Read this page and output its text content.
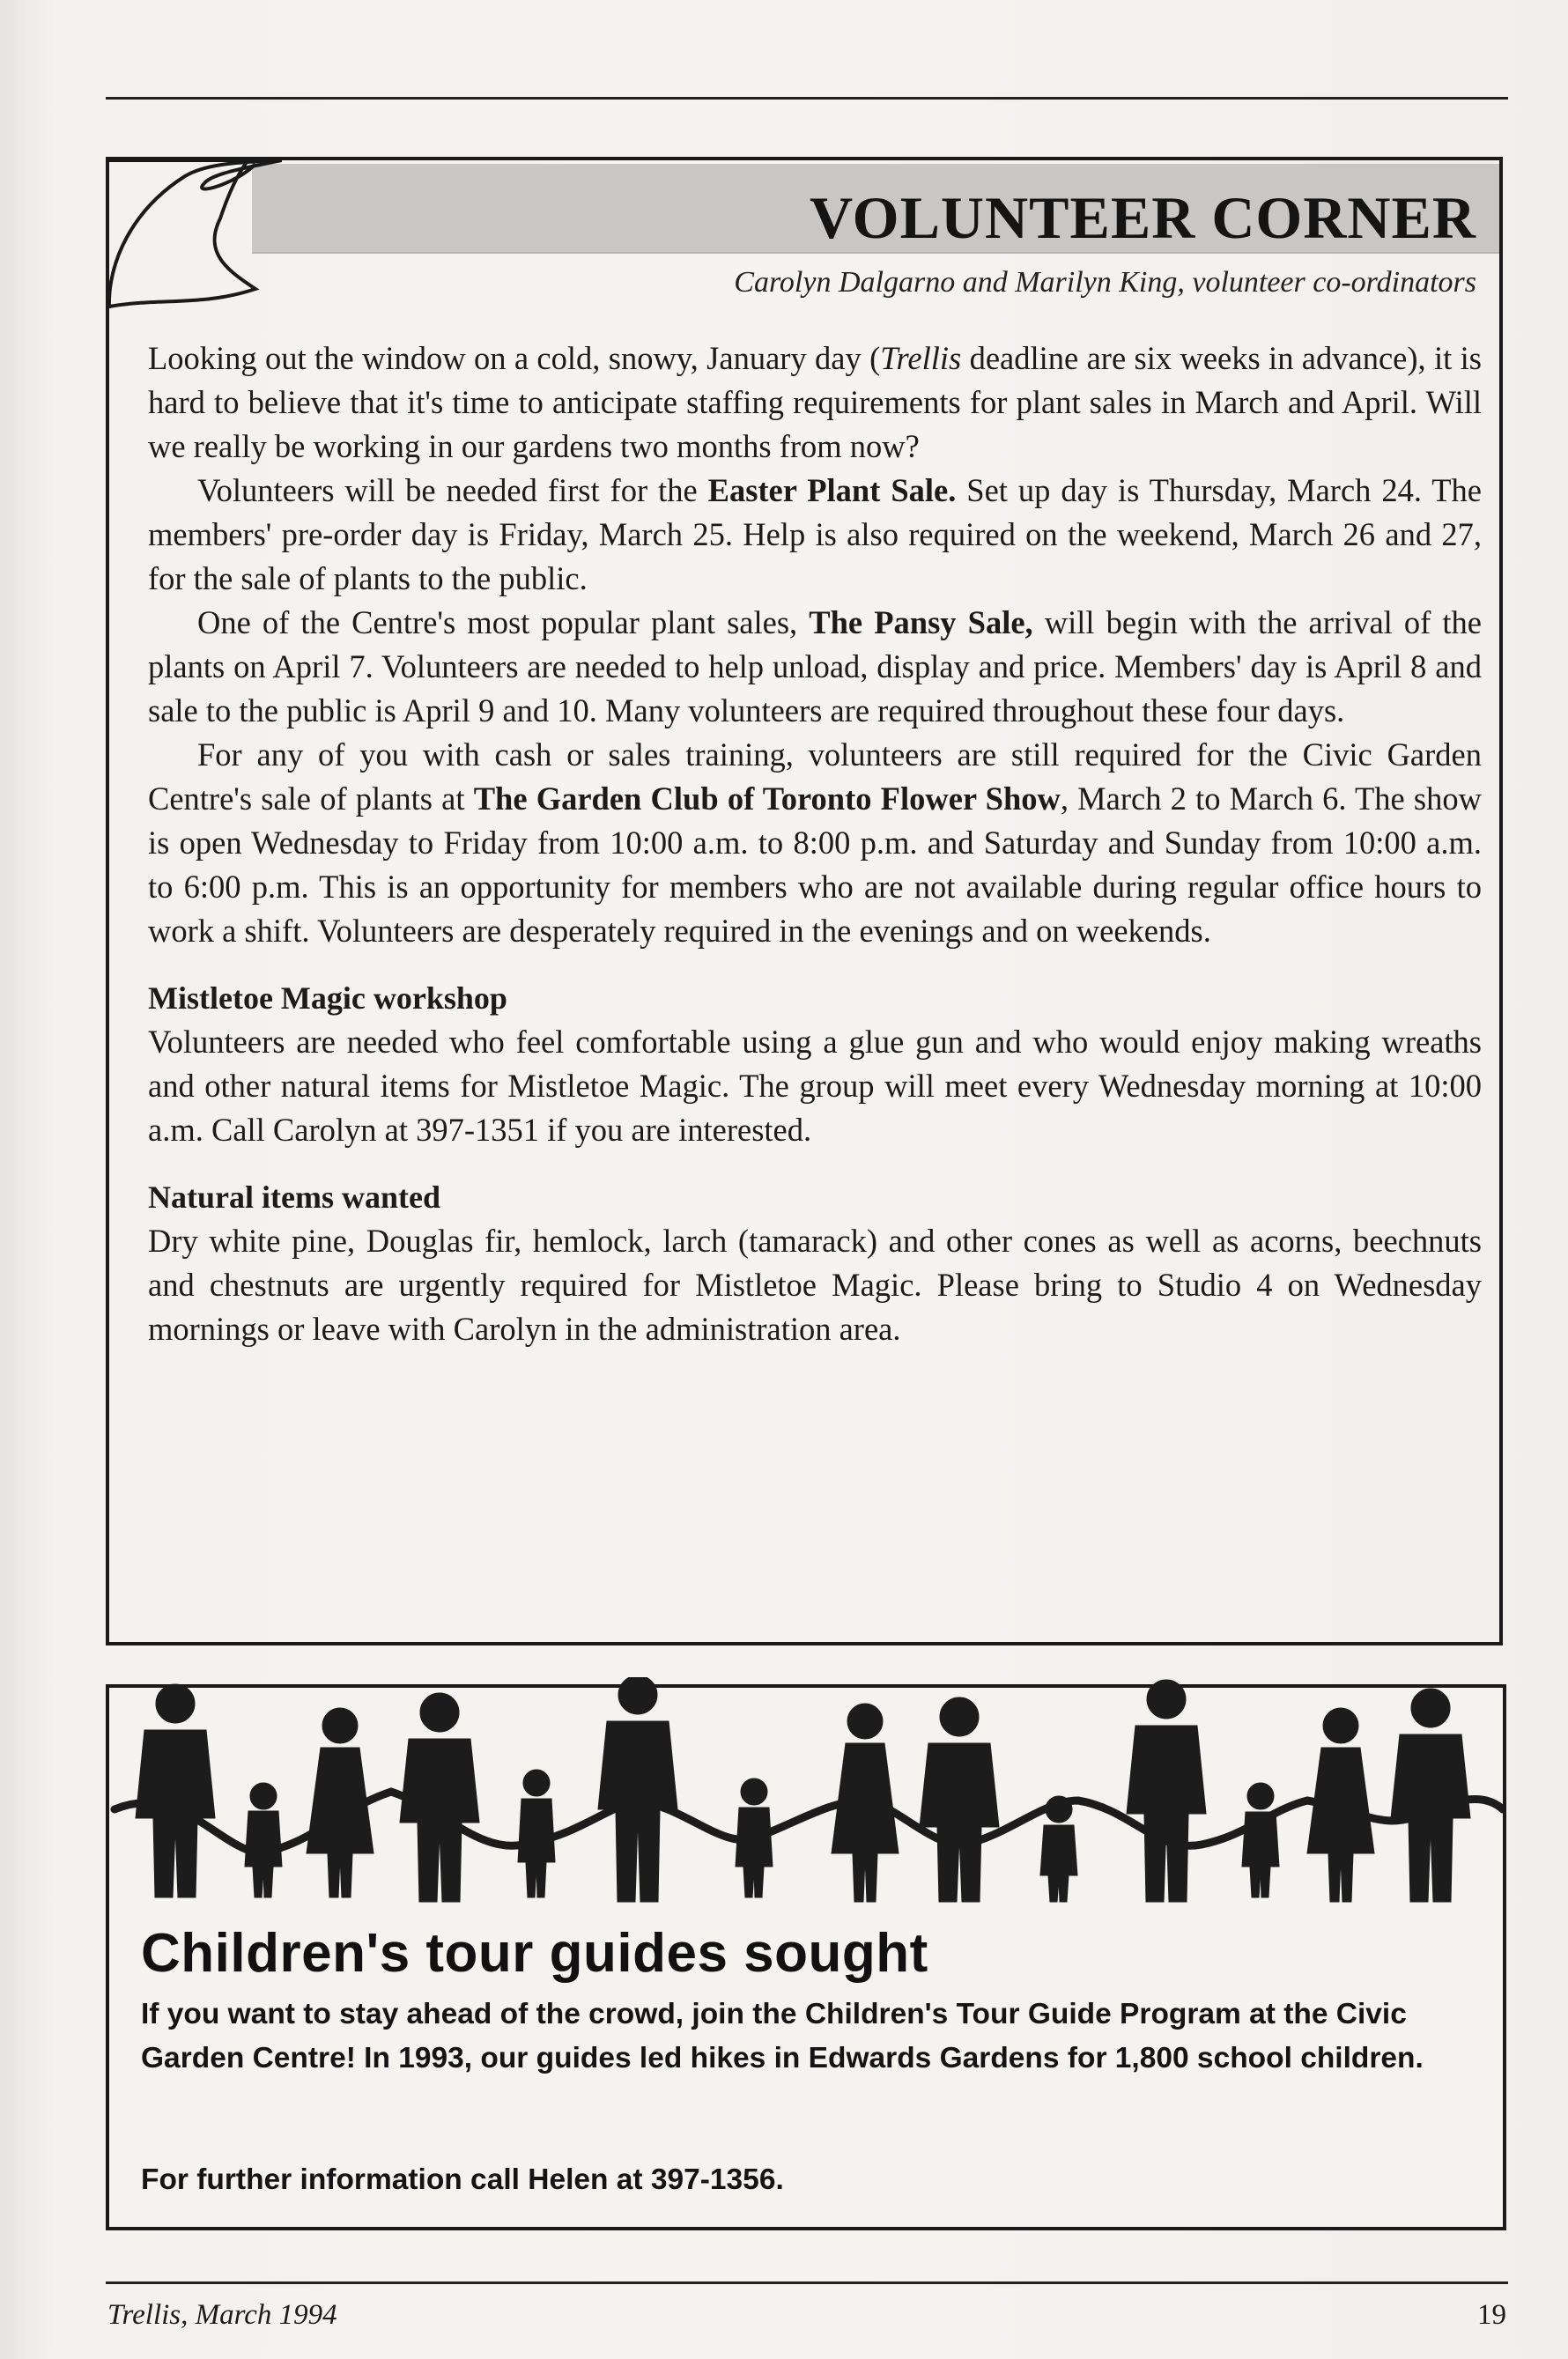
VOLUNTEER CORNER
Carolyn Dalgarno and Marilyn King, volunteer co-ordinators

Looking out the window on a cold, snowy, January day (Trellis deadline are six weeks in advance), it is hard to believe that it's time to anticipate staffing requirements for plant sales in March and April. Will we really be working in our gardens two months from now?

Volunteers will be needed first for the Easter Plant Sale. Set up day is Thursday, March 24. The members' pre-order day is Friday, March 25. Help is also required on the weekend, March 26 and 27, for the sale of plants to the public.

One of the Centre's most popular plant sales, The Pansy Sale, will begin with the arrival of the plants on April 7. Volunteers are needed to help unload, display and price. Members' day is April 8 and sale to the public is April 9 and 10. Many volunteers are required throughout these four days.

For any of you with cash or sales training, volunteers are still required for the Civic Garden Centre's sale of plants at The Garden Club of Toronto Flower Show, March 2 to March 6. The show is open Wednesday to Friday from 10:00 a.m. to 8:00 p.m. and Saturday and Sunday from 10:00 a.m. to 6:00 p.m. This is an opportunity for members who are not available during regular office hours to work a shift. Volunteers are desperately required in the evenings and on weekends.

Mistletoe Magic workshop

Volunteers are needed who feel comfortable using a glue gun and who would enjoy making wreaths and other natural items for Mistletoe Magic. The group will meet every Wednesday morning at 10:00 a.m. Call Carolyn at 397-1351 if you are interested.

Natural items wanted

Dry white pine, Douglas fir, hemlock, larch (tamarack) and other cones as well as acorns, beechnuts and chestnuts are urgently required for Mistletoe Magic. Please bring to Studio 4 on Wednesday mornings or leave with Carolyn in the administration area.

Children's tour guides sought
If you want to stay ahead of the crowd, join the Children's Tour Guide Program at the Civic Garden Centre! In 1993, our guides led hikes in Edwards Gardens for 1,800 school children.
For further information call Helen at 397-1356.
Trellis, March 1994	19
